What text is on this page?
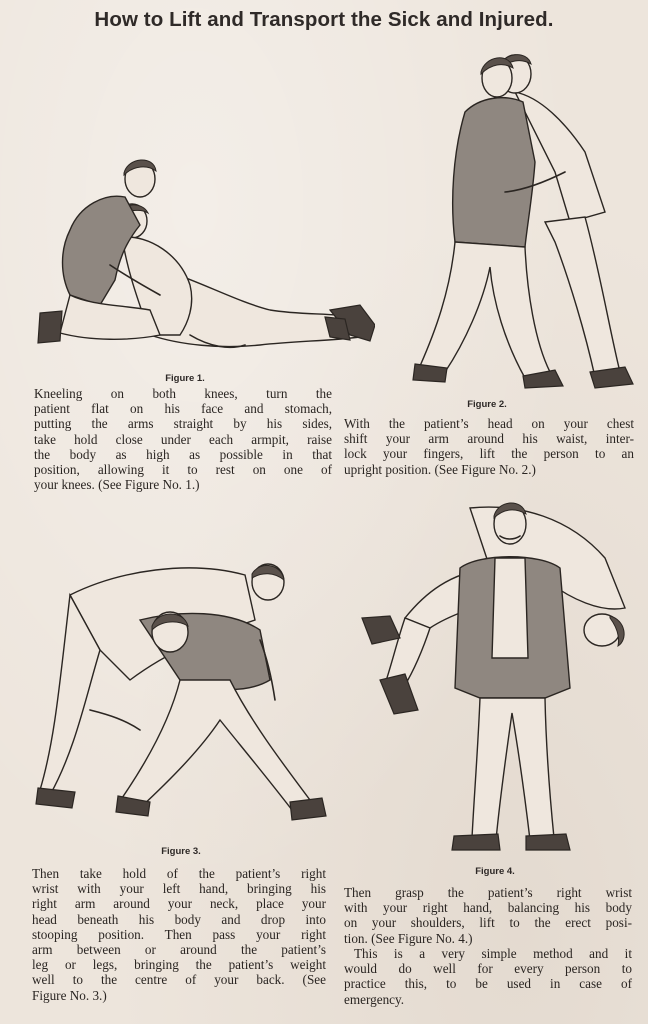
How to Lift and Transport the Sick and Injured.
Figure 1.

Kneeling on both knees, turn the
patient flat on his face and stomach,
putting the arms straight by his sides,
take hold close under each armpit, raise
the body as high as possible in that
position, allowing it to rest on one of
your knees. (See Figure No. 1.)

Figure 2.

With the patient’s head on your chest
shift your arm around his waist, inter-
lock your fingers, lift the person to an
upright position. (See Figure No. 2.)

Figure 3.

Then take hold of the patient’s right
wrist with your left hand, bringing his
right arm around your neck, place your
head beneath his body and drop into
stooping position. Then pass your right
arm between or around the patient’s
leg or legs, bringing the patient’s weight
well to the centre of your back. (See
Figure No. 3.)

Figure 4.

Then grasp the patient’s right wrist
with your right hand, balancing his body
on your shoulders, lift to the erect posi-
tion. (See Figure No. 4.)

This is a very simple method and it
would do well for every person to
practice this, to be used in case of
emergency.
